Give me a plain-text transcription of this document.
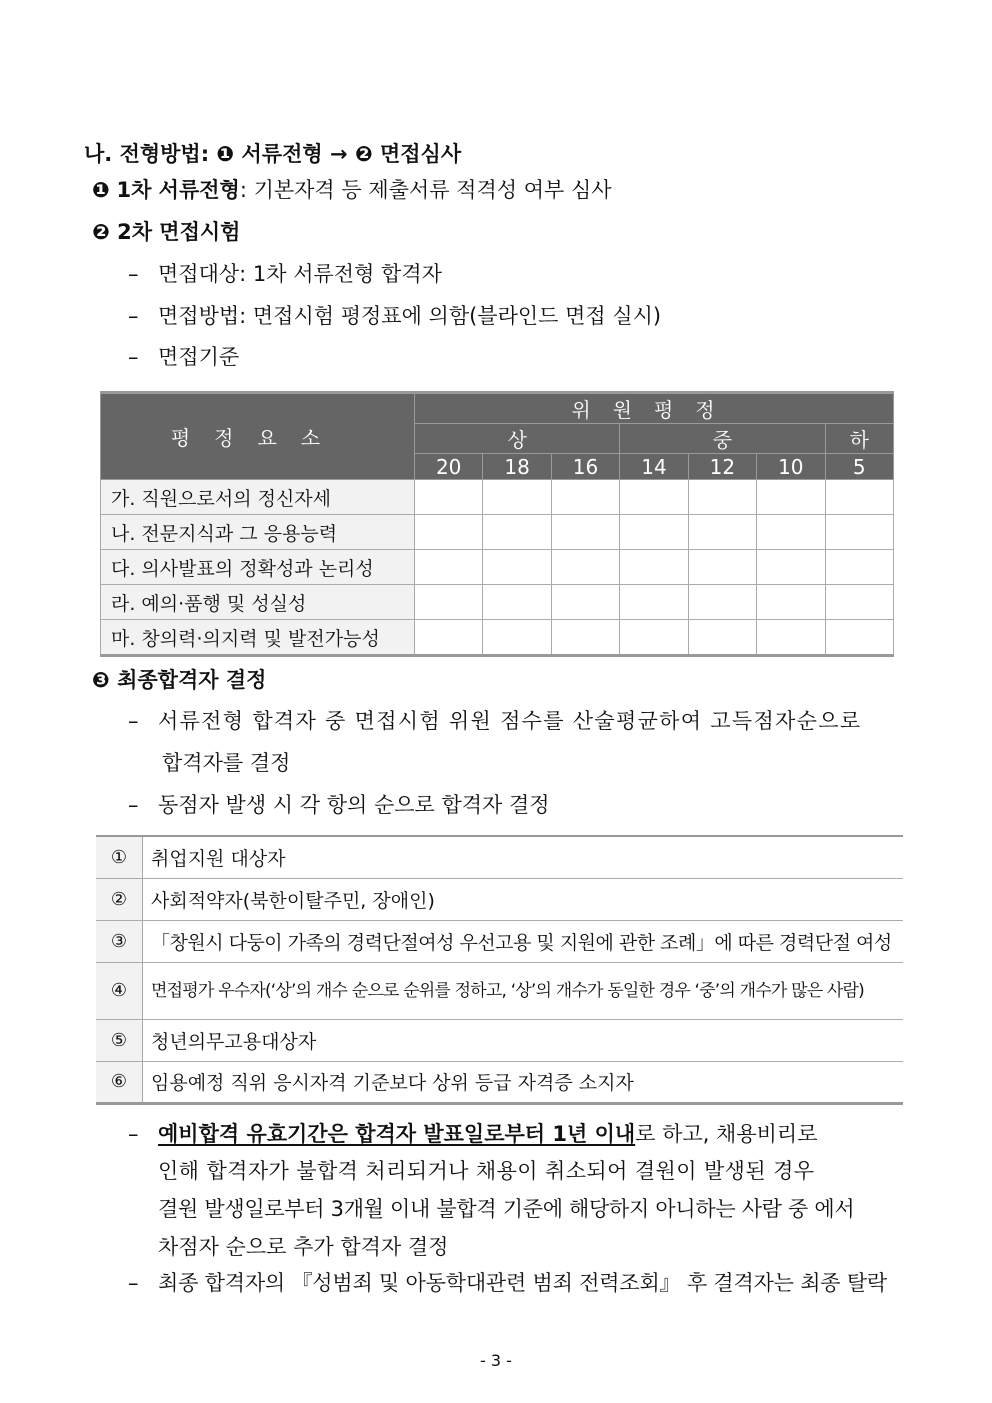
나. 전형방법: ❶ 서류전형 → ❷ 면접심사
❶ 1차 서류전형: 기본자격 등 제출서류 적격성 여부 심사
❷ 2차 면접시험
– 면접대상: 1차 서류전형 합격자
– 면접방법: 면접시험 평정표에 의함(블라인드 면접 실시)
– 면접기준
평정요소	위원평정						
	상			중			하
	20	18	16	14	12	10	5
가. 직원으로서의 정신자세							
나. 전문지식과 그 응용능력							
다. 의사발표의 정확성과 논리성							
라. 예의·품행 및 성실성							
마. 창의력·의지력 및 발전가능성							
❸ 최종합격자 결정
– 서류전형 합격자 중 면접시험 위원 점수를 산술평균하여 고득점자순으로
합격자를 결정
– 동점자 발생 시 각 항의 순으로 합격자 결정
①	취업지원 대상자
②	사회적약자(북한이탈주민, 장애인)
③	「창원시 다둥이 가족의 경력단절여성 우선고용 및 지원에 관한 조례」에 따른 경력단절 여성
④	면접평가 우수자(‘상’의 개수 순으로 순위를 정하고, ‘상’의 개수가 동일한 경우 ‘중’의 개수가 많은 사람)
⑤	청년의무고용대상자
⑥	임용예정 직위 응시자격 기준보다 상위 등급 자격증 소지자
– 예비합격 유효기간은 합격자 발표일로부터 1년 이내로 하고, 채용비리로
인해 합격자가 불합격 처리되거나 채용이 취소되어 결원이 발생된 경우
결원 발생일로부터 3개월 이내 불합격 기준에 해당하지 아니하는 사람 중 에서
차점자 순으로 추가 합격자 결정
– 최종 합격자의 『성범죄 및 아동학대관련 범죄 전력조회』 후 결격자는 최종 탈락
- 3 -
